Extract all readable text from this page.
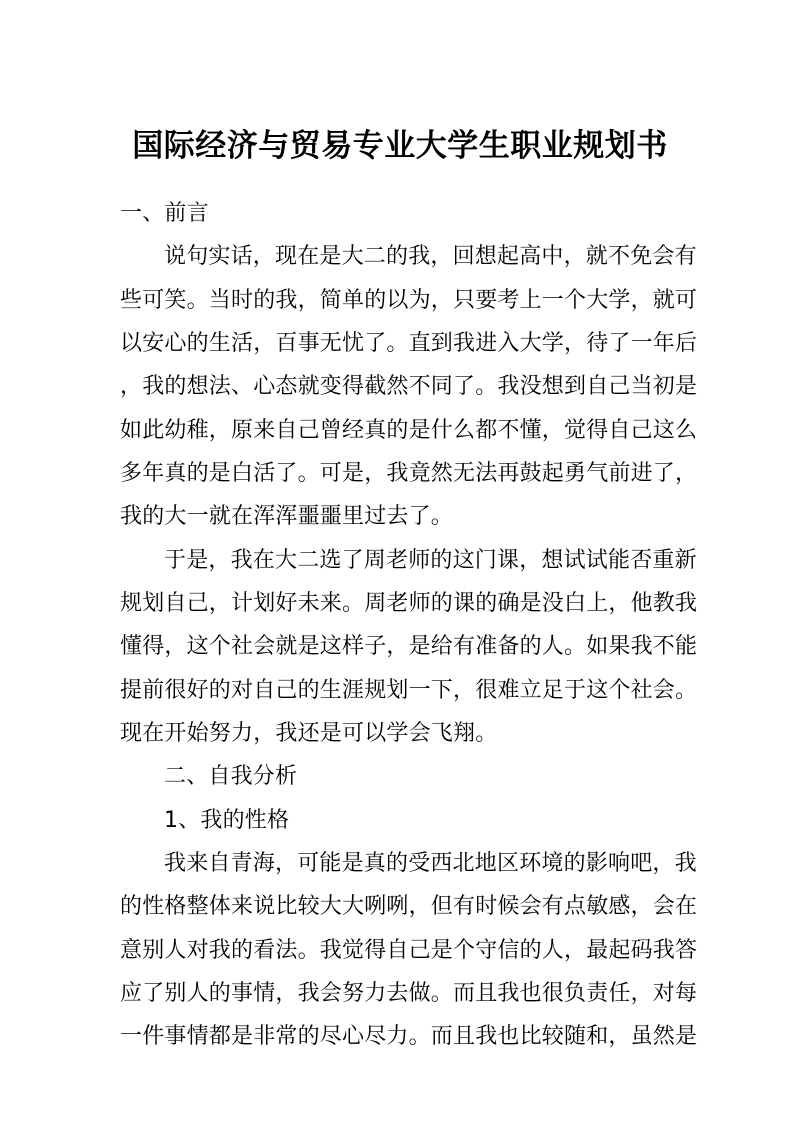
国际经济与贸易专业大学生职业规划书
一、前言
说句实话，现在是大二的我，回想起高中，就不免会有
些可笑。当时的我，简单的以为，只要考上一个大学，就可
以安心的生活，百事无忧了。直到我进入大学，待了一年后
，我的想法、心态就变得截然不同了。我没想到自己当初是
如此幼稚，原来自己曾经真的是什么都不懂，觉得自己这么
多年真的是白活了。可是，我竟然无法再鼓起勇气前进了，
我的大一就在浑浑噩噩里过去了。
于是，我在大二选了周老师的这门课，想试试能否重新
规划自己，计划好未来。周老师的课的确是没白上，他教我
懂得，这个社会就是这样子，是给有准备的人。如果我不能
提前很好的对自己的生涯规划一下，很难立足于这个社会。
现在开始努力，我还是可以学会飞翔。
二、自我分析
1、我的性格
我来自青海，可能是真的受西北地区环境的影响吧，我
的性格整体来说比较大大咧咧，但有时候会有点敏感，会在
意别人对我的看法。我觉得自己是个守信的人，最起码我答
应了别人的事情，我会努力去做。而且我也很负责任，对每
一件事情都是非常的尽心尽力。而且我也比较随和，虽然是
